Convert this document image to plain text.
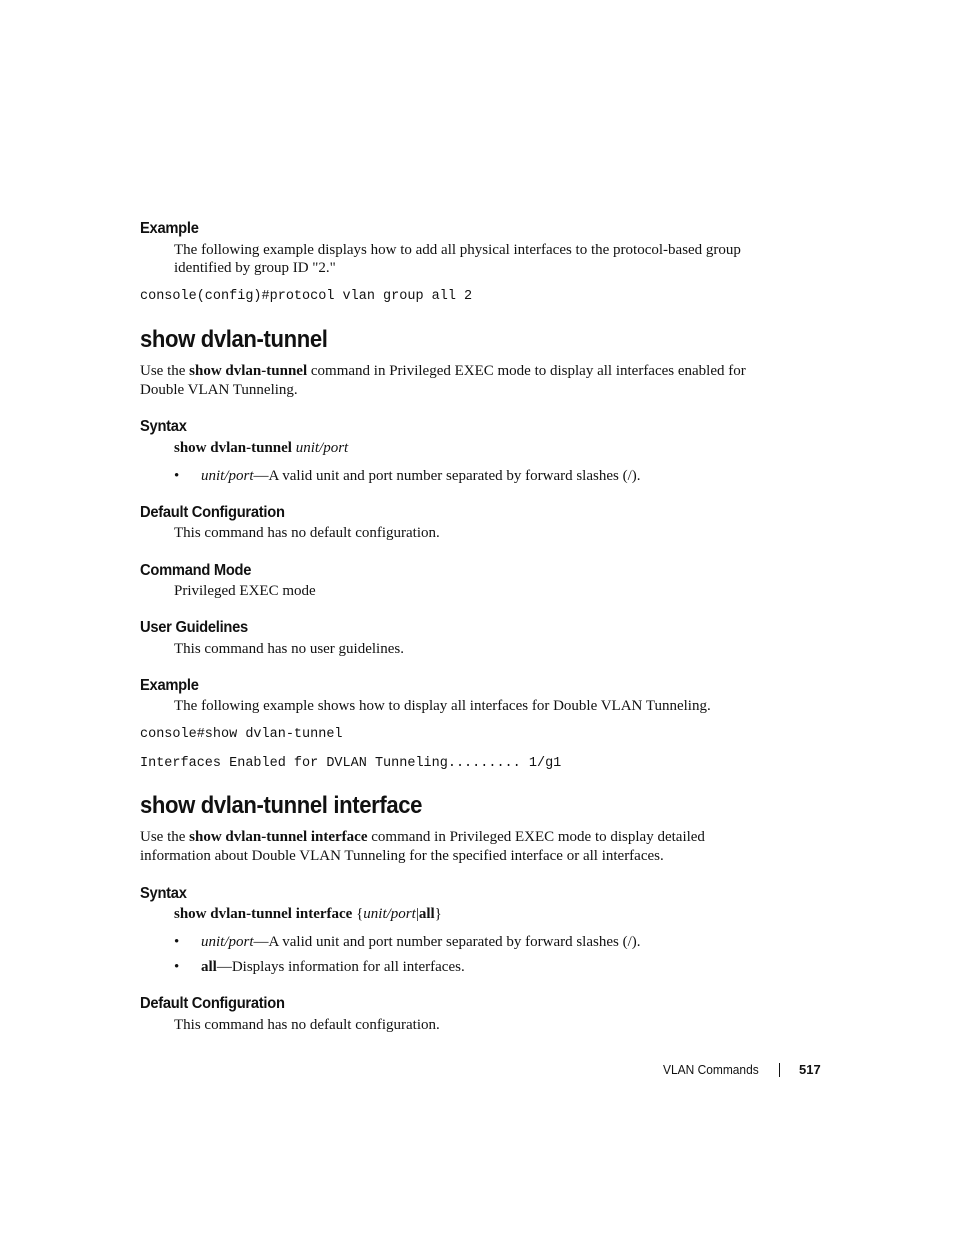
Example

The following example displays how to add all physical interfaces to the protocol-based group

identified by group ID "2."

console(config)#protocol vlan group all 2
show dvlan-tunnel

Use the show dvlan-tunnel command in Privileged EXEC mode to display all interfaces enabled for

Double VLAN Tunneling.

Syntax

show dvlan-tunnel unit/port

• unit/port—A valid unit and port number separated by forward slashes (/).
Default Configuration

This command has no default configuration.

Command Mode

Privileged EXEC mode

User Guidelines

This command has no user guidelines.

Example

The following example shows how to display all interfaces for Double VLAN Tunneling.

console#show dvlan-tunnel
Interfaces Enabled for DVLAN Tunneling......... 1/g1
show dvlan-tunnel interface

Use the show dvlan-tunnel interface command in Privileged EXEC mode to display detailed

information about Double VLAN Tunneling for the specified interface or all interfaces.

Syntax

show dvlan-tunnel interface {unit/port|all}

• unit/port—A valid unit and port number separated by forward slashes (/).
• all—Displays information for all interfaces.
Default Configuration

This command has no default configuration.

VLAN Commands	517
